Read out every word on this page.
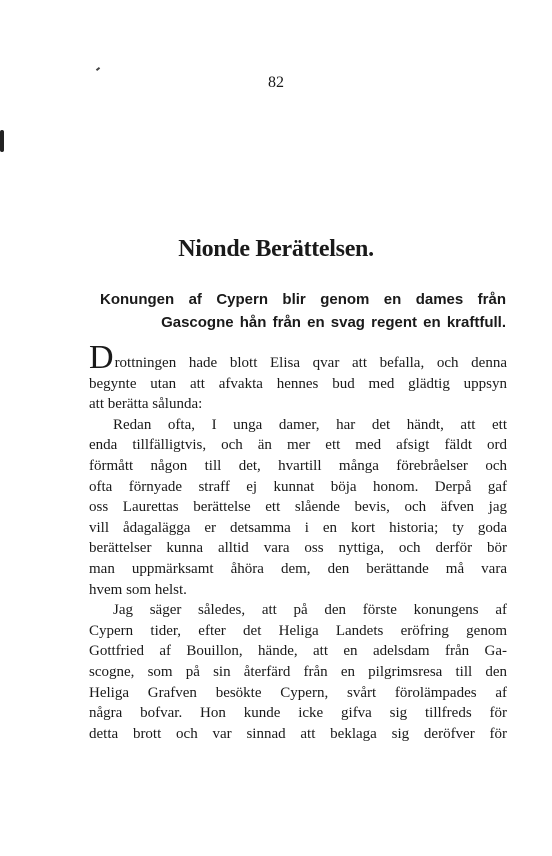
82
Nionde Berättelsen.
Konungen af Cypern blir genom en dames från
Gascogne hån från en svag regent en kraftfull.
Drottningen hade blott Elisa qvar att befalla, och denna
begynte utan att afvakta hennes bud med glädtig uppsyn
att berätta sålunda:
Redan ofta, I unga damer, har det händt, att ett
enda tillfälligtvis, och än mer ett med afsigt fäldt ord
förmått någon till det, hvartill många förebråelser och
ofta förnyade straff ej kunnat böja honom. Derpå gaf
oss Laurettas berättelse ett slående bevis, och äfven jag
vill ådagalägga er detsamma i en kort historia; ty goda
berättelser kunna alltid vara oss nyttiga, och derför bör
man uppmärksamt åhöra dem, den berättande må vara
hvem som helst.
Jag säger således, att på den förste konungens af
Cypern tider, efter det Heliga Landets eröfring genom
Gottfried af Bouillon, hände, att en adelsdam från Ga-
scogne, som på sin återfärd från en pilgrimsresa till den
Heliga Grafven besökte Cypern, svårt förolämpades af
några bofvar. Hon kunde icke gifva sig tillfreds för
detta brott och var sinnad att beklaga sig deröfver för
